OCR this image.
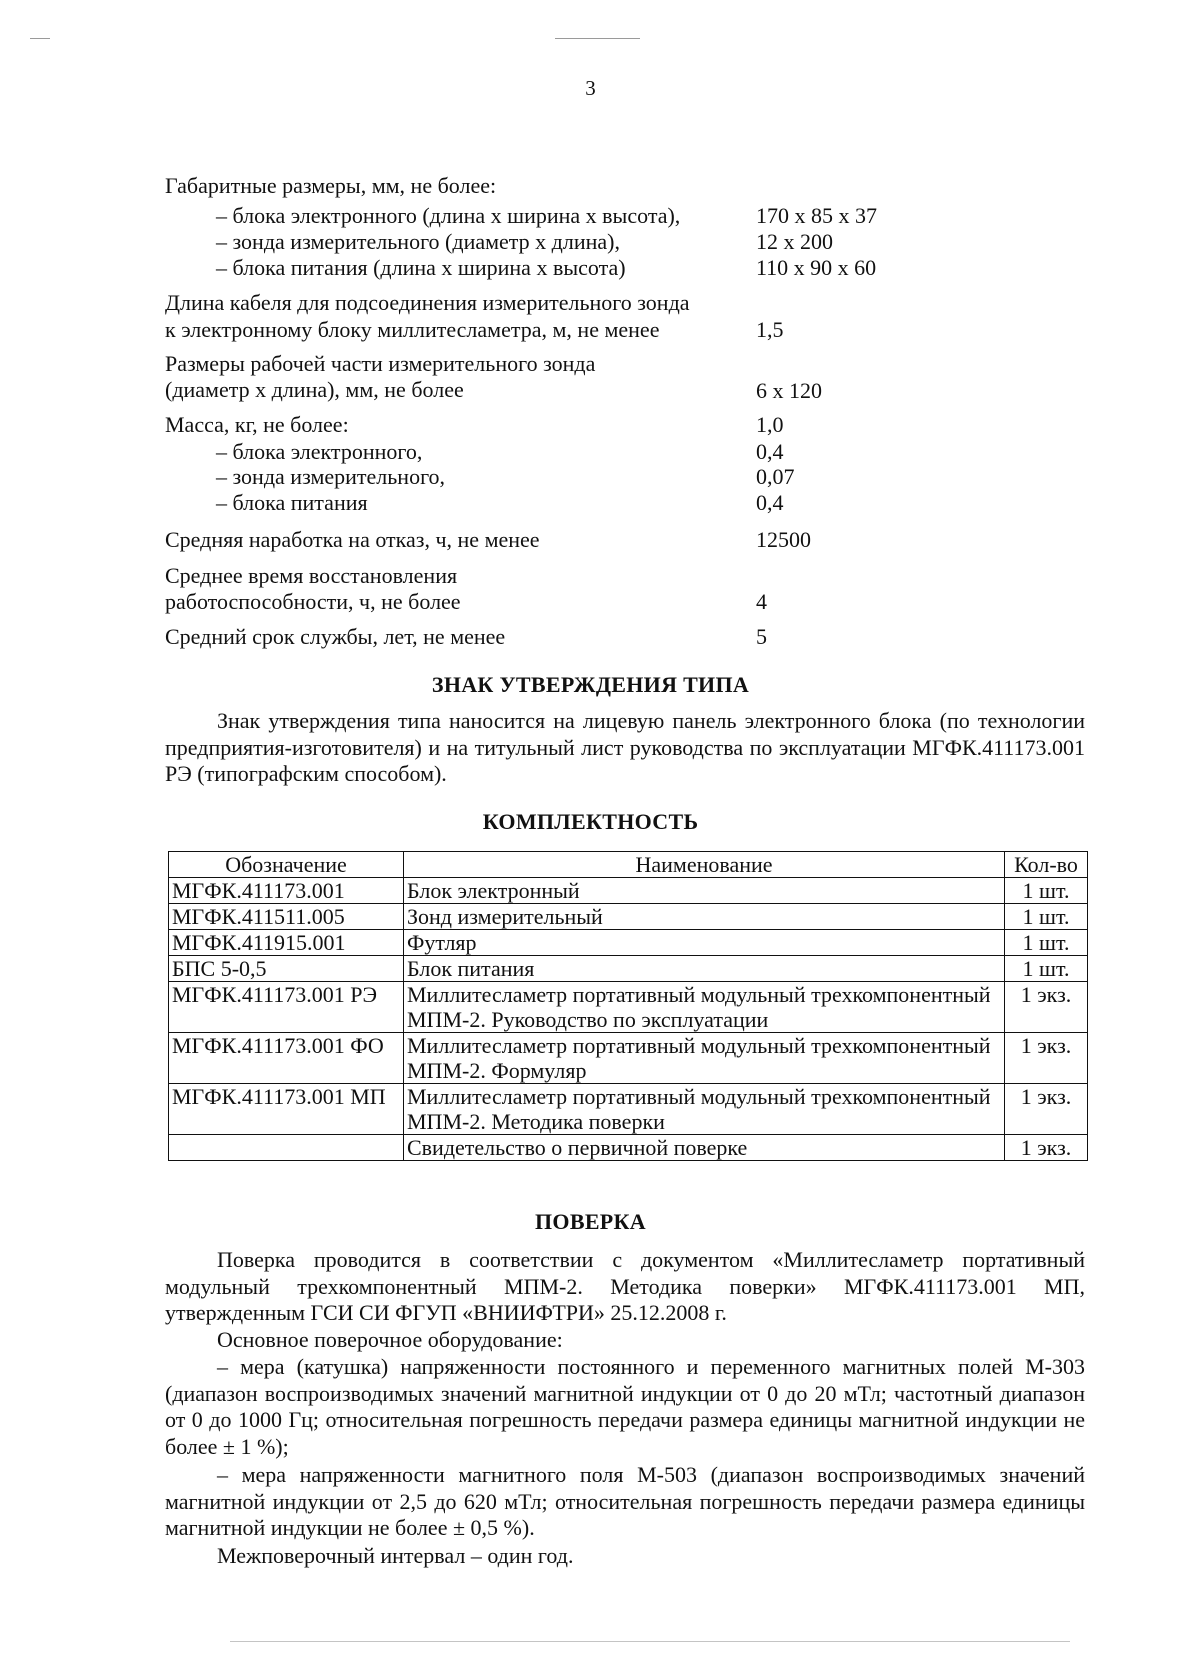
3
Габаритные размеры, мм, не более:
– блока электронного (длина х ширина х высота),	170 х 85 х 37
– зонда измерительного (диаметр х длина),	12 х 200
– блока питания (длина х ширина х высота)	110 х 90 х 60
Длина кабеля для подсоединения измерительного зонда
к электронному блоку миллитесламетра, м, не менее	1,5
Размеры рабочей части измерительного зонда
(диаметр х длина), мм, не более	6 х 120
Масса, кг, не более:	1,0
– блока электронного,	0,4
– зонда измерительного,	0,07
– блока питания	0,4
Средняя наработка на отказ, ч, не менее	12500
Среднее время восстановления
работоспособности, ч, не более	4
Средний срок службы, лет, не менее	5
ЗНАК УТВЕРЖДЕНИЯ ТИПА

Знак утверждения типа наносится на лицевую панель электронного блока (по технологии предприятия-изготовителя) и на титульный лист руководства по эксплуатации МГФК.411173.001 РЭ (типографским способом).

КОМПЛЕКТНОСТЬ
Обозначение	Наименование	Кол-во
МГФК.411173.001	Блок электронный	1 шт.
МГФК.411511.005	Зонд измерительный	1 шт.
МГФК.411915.001	Футляр	1 шт.
БПС 5-0,5	Блок питания	1 шт.
МГФК.411173.001 РЭ	Миллитесламетр портативный модульный трехкомпонентный МПМ-2. Руководство по эксплуатации	1 экз.
МГФК.411173.001 ФО	Миллитесламетр портативный модульный трехкомпонентный МПМ-2. Формуляр	1 экз.
МГФК.411173.001 МП	Миллитесламетр портативный модульный трехкомпонентный МПМ-2. Методика поверки	1 экз.
	Свидетельство о первичной поверке	1 экз.
ПОВЕРКА

Поверка проводится в соответствии с документом «Миллитесламетр портативный модульный трехкомпонентный МПМ-2. Методика поверки» МГФК.411173.001 МП, утвержденным ГСИ СИ ФГУП «ВНИИФТРИ» 25.12.2008 г.

Основное поверочное оборудование:

– мера (катушка) напряженности постоянного и переменного магнитных полей М-303 (диапазон воспроизводимых значений магнитной индукции от 0 до 20 мТл; частотный диапазон от 0 до 1000 Гц; относительная погрешность передачи размера единицы магнитной индукции не более ± 1 %);

– мера напряженности магнитного поля М-503 (диапазон воспроизводимых значений магнитной индукции от 2,5 до 620 мТл; относительная погрешность передачи размера единицы магнитной индукции не более ± 0,5 %).

Межповерочный интервал – один год.
